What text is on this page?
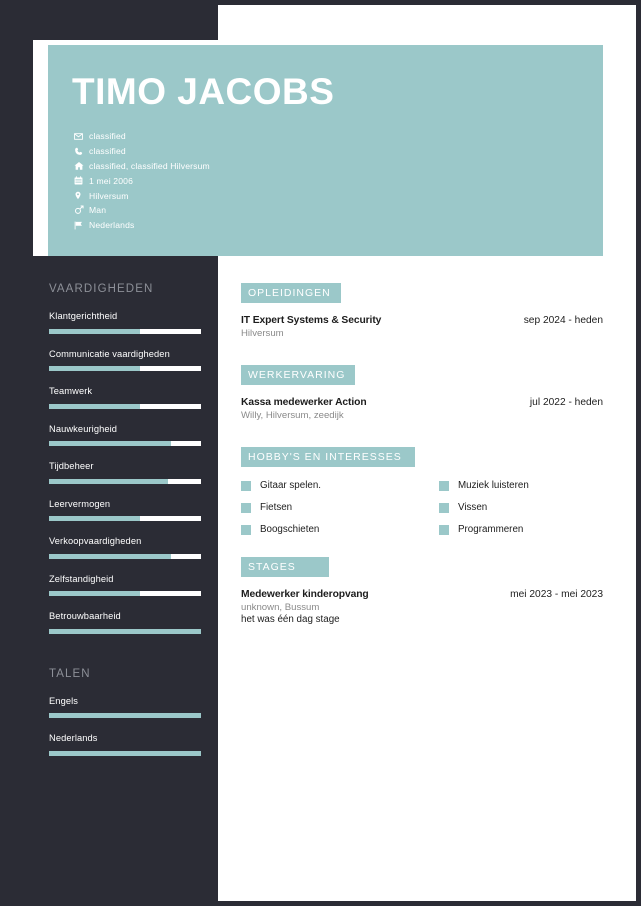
TIMO JACOBS
classified
classified
classified, classified Hilversum
1 mei 2006
Hilversum
Man
Nederlands
VAARDIGHEDEN
Klantgerichtheid
Communicatie vaardigheden
Teamwerk
Nauwkeurigheid
Tijdbeheer
Leervermogen
Verkoopvaardigheden
Zelfstandigheid
Betrouwbaarheid
TALEN
Engels
Nederlands
OPLEIDINGEN
IT Expert Systems & Security	sep 2024 - heden
Hilversum
WERKERVARING
Kassa medewerker Action	jul 2022 - heden
Willy, Hilversum, zeedijk
HOBBY'S EN INTERESSES
Gitaar spelen.	Muziek luisteren
Fietsen	Vissen
Boogschieten	Programmeren
STAGES
Medewerker kinderopvang	mei 2023 - mei 2023
unknown, Bussum
het was één dag stage
